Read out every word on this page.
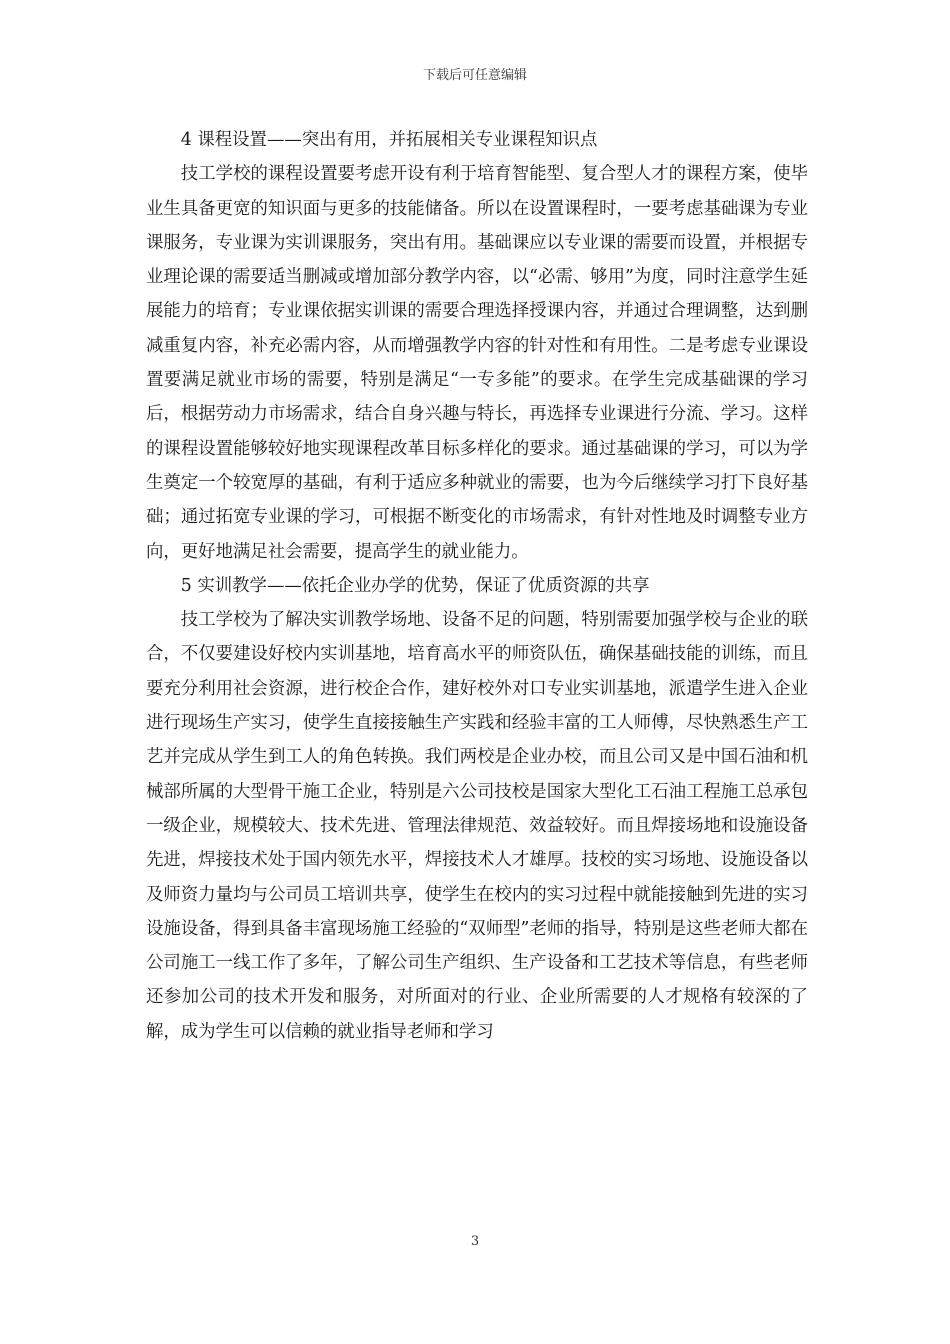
下载后可任意编辑

4 课程设置——突出有用，并拓展相关专业课程知识点

技工学校的课程设置要考虑开设有利于培育智能型、复合型人才的课程方案，使毕业生具备更宽的知识面与更多的技能储备。所以在设置课程时，一要考虑基础课为专业课服务，专业课为实训课服务，突出有用。基础课应以专业课的需要而设置，并根据专业理论课的需要适当删减或增加部分教学内容，以“必需、够用”为度，同时注意学生延展能力的培育；专业课依据实训课的需要合理选择授课内容，并通过合理调整，达到删减重复内容，补充必需内容，从而增强教学内容的针对性和有用性。二是考虑专业课设置要满足就业市场的需要，特别是满足“一专多能”的要求。在学生完成基础课的学习后，根据劳动力市场需求，结合自身兴趣与特长，再选择专业课进行分流、学习。这样的课程设置能够较好地实现课程改革目标多样化的要求。通过基础课的学习，可以为学生奠定一个较宽厚的基础，有利于适应多种就业的需要，也为今后继续学习打下良好基础；通过拓宽专业课的学习，可根据不断变化的市场需求，有针对性地及时调整专业方向，更好地满足社会需要，提高学生的就业能力。

5 实训教学——依托企业办学的优势，保证了优质资源的共享

技工学校为了解决实训教学场地、设备不足的问题，特别需要加强学校与企业的联合，不仅要建设好校内实训基地，培育高水平的师资队伍，确保基础技能的训练，而且要充分利用社会资源，进行校企合作，建好校外对口专业实训基地，派遣学生进入企业进行现场生产实习，使学生直接接触生产实践和经验丰富的工人师傅，尽快熟悉生产工艺并完成从学生到工人的角色转换。我们两校是企业办校，而且公司又是中国石油和机械部所属的大型骨干施工企业，特别是六公司技校是国家大型化工石油工程施工总承包一级企业，规模较大、技术先进、管理法律规范、效益较好。而且焊接场地和设施设备先进，焊接技术处于国内领先水平，焊接技术人才雄厚。技校的实习场地、设施设备以及师资力量均与公司员工培训共享，使学生在校内的实习过程中就能接触到先进的实习设施设备，得到具备丰富现场施工经验的“双师型”老师的指导，特别是这些老师大都在公司施工一线工作了多年，了解公司生产组织、生产设备和工艺技术等信息，有些老师还参加公司的技术开发和服务，对所面对的行业、企业所需要的人才规格有较深的了解，成为学生可以信赖的就业指导老师和学习

3
